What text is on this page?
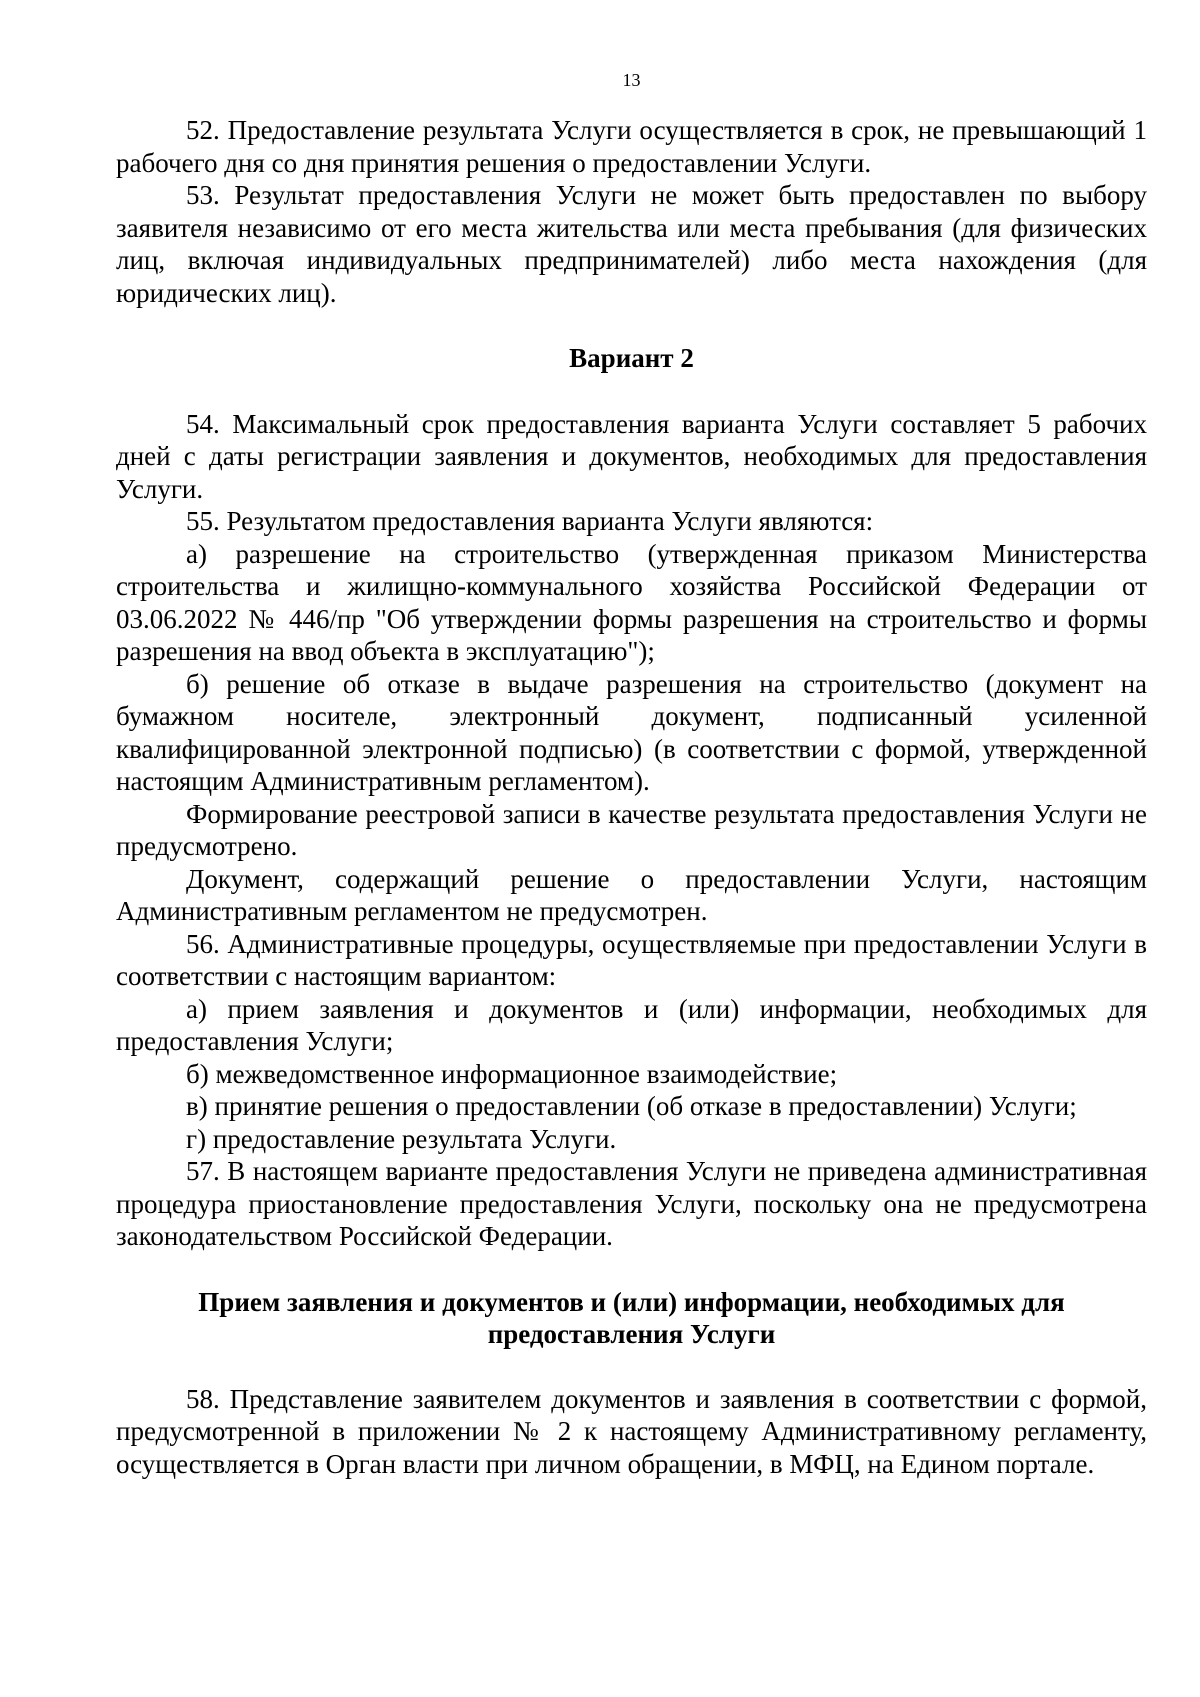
13

52. Предоставление результата Услуги осуществляется в срок, не превышающий 1 рабочего дня со дня принятия решения о предоставлении Услуги.

53. Результат предоставления Услуги не может быть предоставлен по выбору заявителя независимо от его места жительства или места пребывания (для физических лиц, включая индивидуальных предпринимателей) либо места нахождения (для юридических лиц).

Вариант 2

54. Максимальный срок предоставления варианта Услуги составляет 5 рабочих дней с даты регистрации заявления и документов, необходимых для предоставления Услуги.

55. Результатом предоставления варианта Услуги являются:

а) разрешение на строительство (утвержденная приказом Министерства строительства и жилищно-коммунального хозяйства Российской Федерации от 03.06.2022 № 446/пр "Об утверждении формы разрешения на строительство и формы разрешения на ввод объекта в эксплуатацию");

б) решение об отказе в выдаче разрешения на строительство (документ на бумажном носителе, электронный документ, подписанный усиленной квалифицированной электронной подписью) (в соответствии с формой, утвержденной настоящим Административным регламентом).

Формирование реестровой записи в качестве результата предоставления Услуги не предусмотрено.

Документ, содержащий решение о предоставлении Услуги, настоящим Административным регламентом не предусмотрен.

56. Административные процедуры, осуществляемые при предоставлении Услуги в соответствии с настоящим вариантом:

а) прием заявления и документов и (или) информации, необходимых для предоставления Услуги;

б) межведомственное информационное взаимодействие;

в) принятие решения о предоставлении (об отказе в предоставлении) Услуги;

г) предоставление результата Услуги.

57. В настоящем варианте предоставления Услуги не приведена административная процедура приостановление предоставления Услуги, поскольку она не предусмотрена законодательством Российской Федерации.

Прием заявления и документов и (или) информации, необходимых для предоставления Услуги

58. Представление заявителем документов и заявления в соответствии с формой, предусмотренной в приложении № 2 к настоящему Административному регламенту, осуществляется в Орган власти при личном обращении, в МФЦ, на Едином портале.
